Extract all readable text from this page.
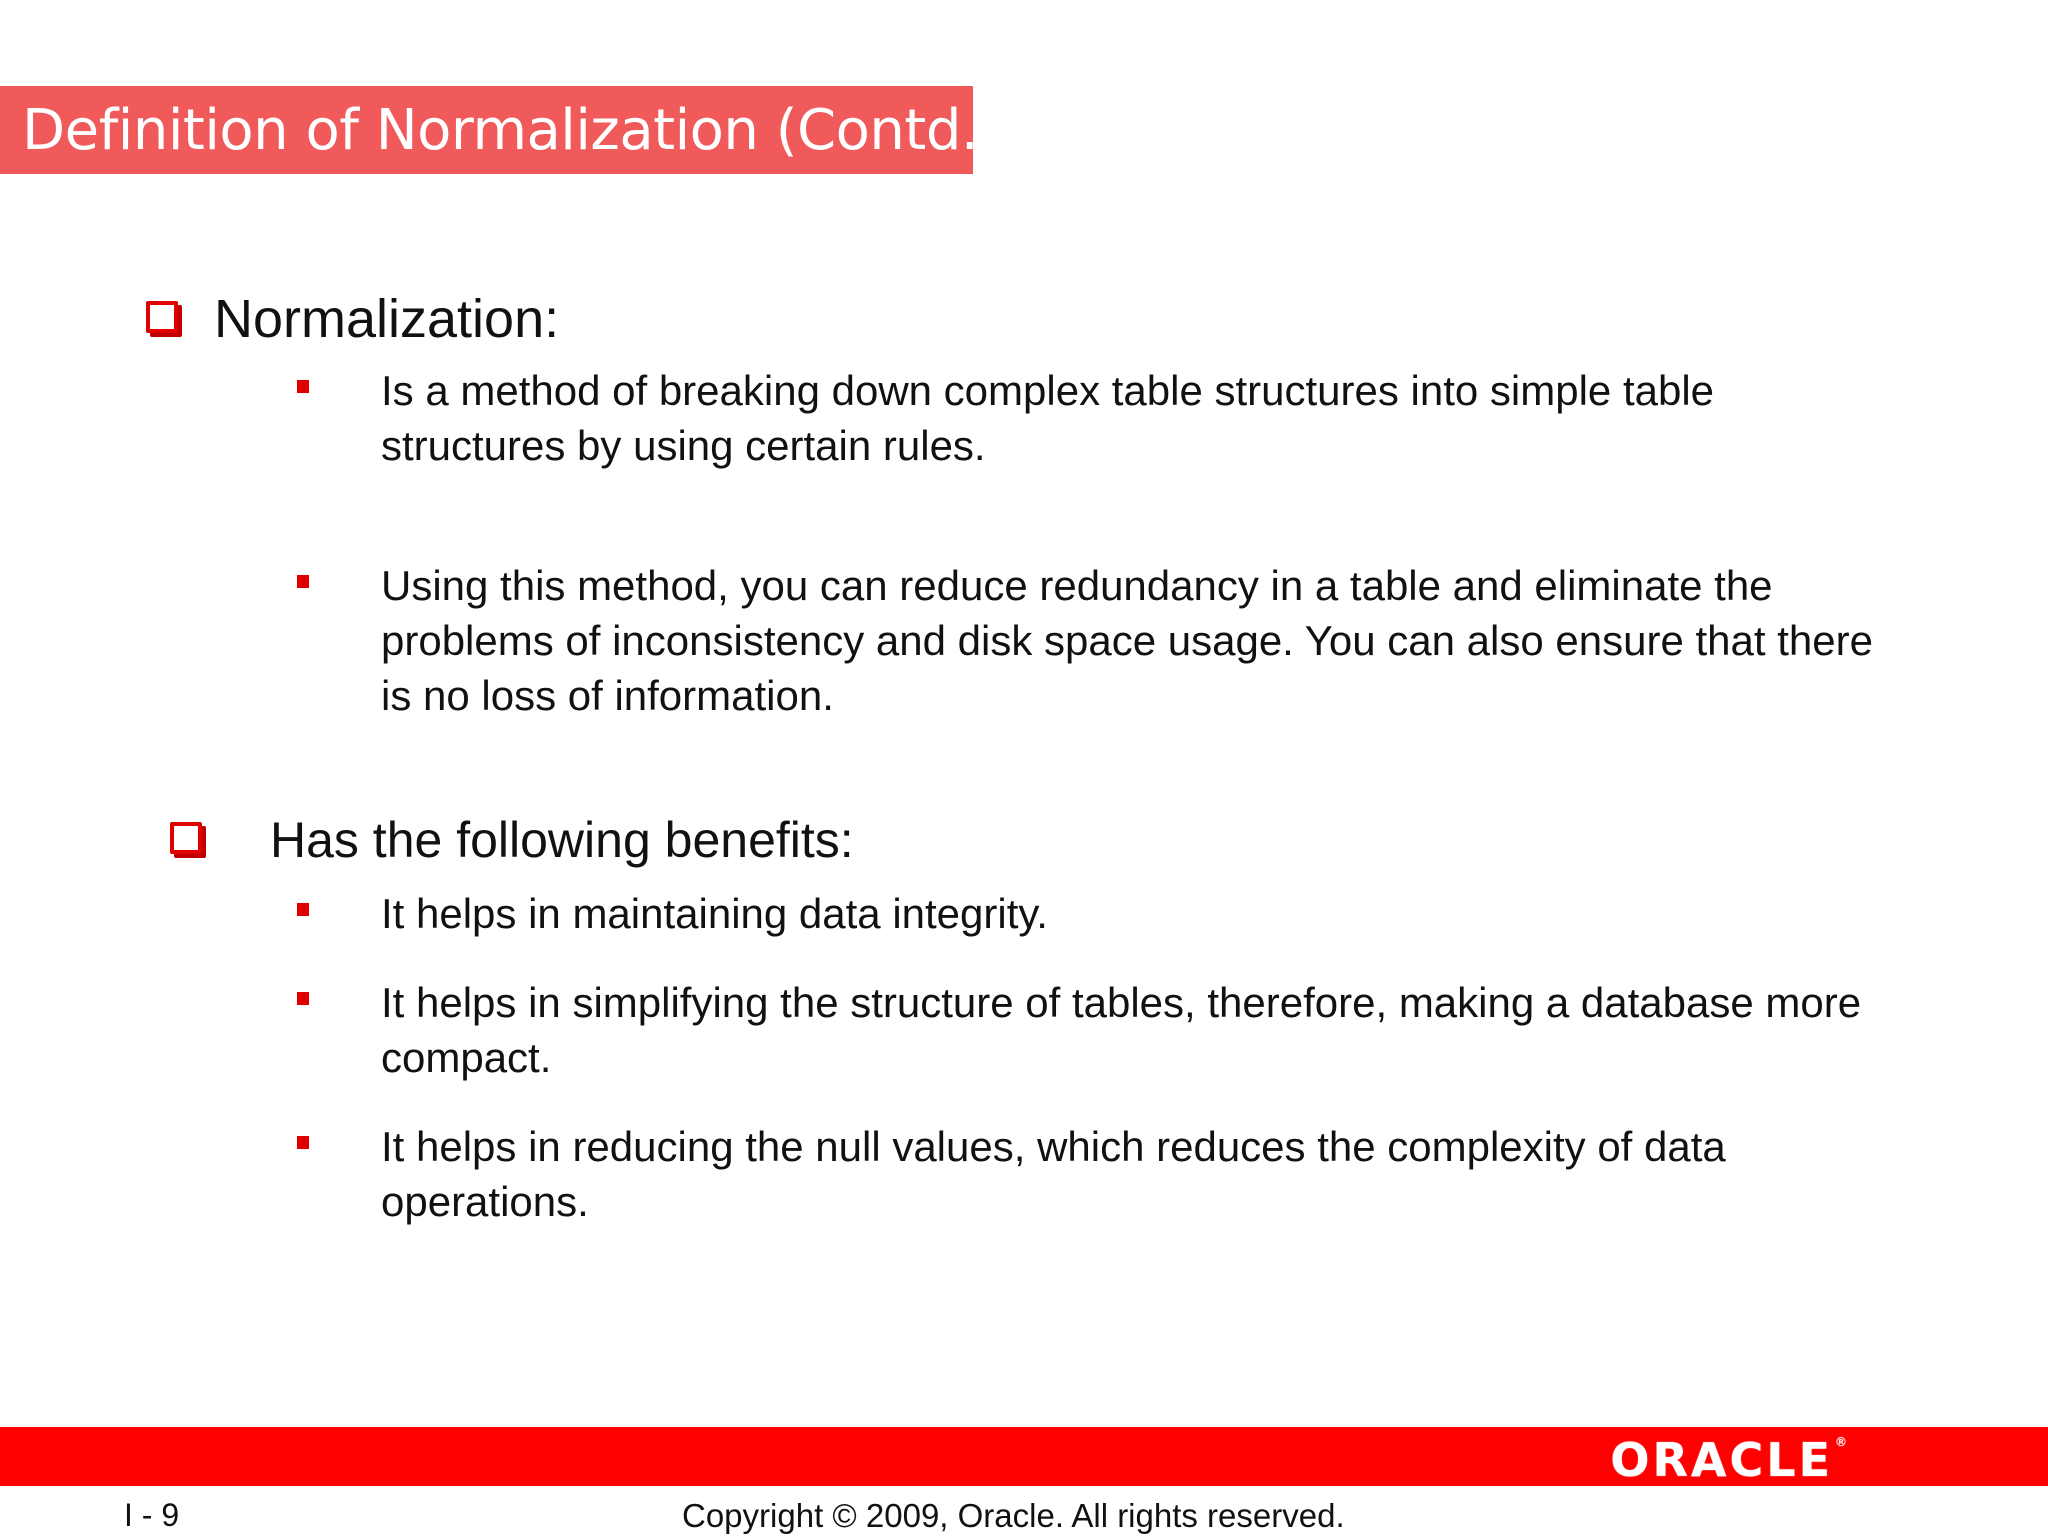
Definition of Normalization (Contd.)
Normalization:
Is a method of breaking down complex table structures into simple table structures by using certain rules.
Using this method, you can reduce redundancy in a table and eliminate the problems of inconsistency and disk space usage. You can also ensure that there is no loss of information.
Has the following benefits:
It helps in maintaining data integrity.
It helps in simplifying the structure of tables, therefore, making a database more compact.
It helps in reducing the null values, which reduces the complexity of data operations.
ORACLE ®
I - 9	Copyright © 2009, Oracle. All rights reserved.
